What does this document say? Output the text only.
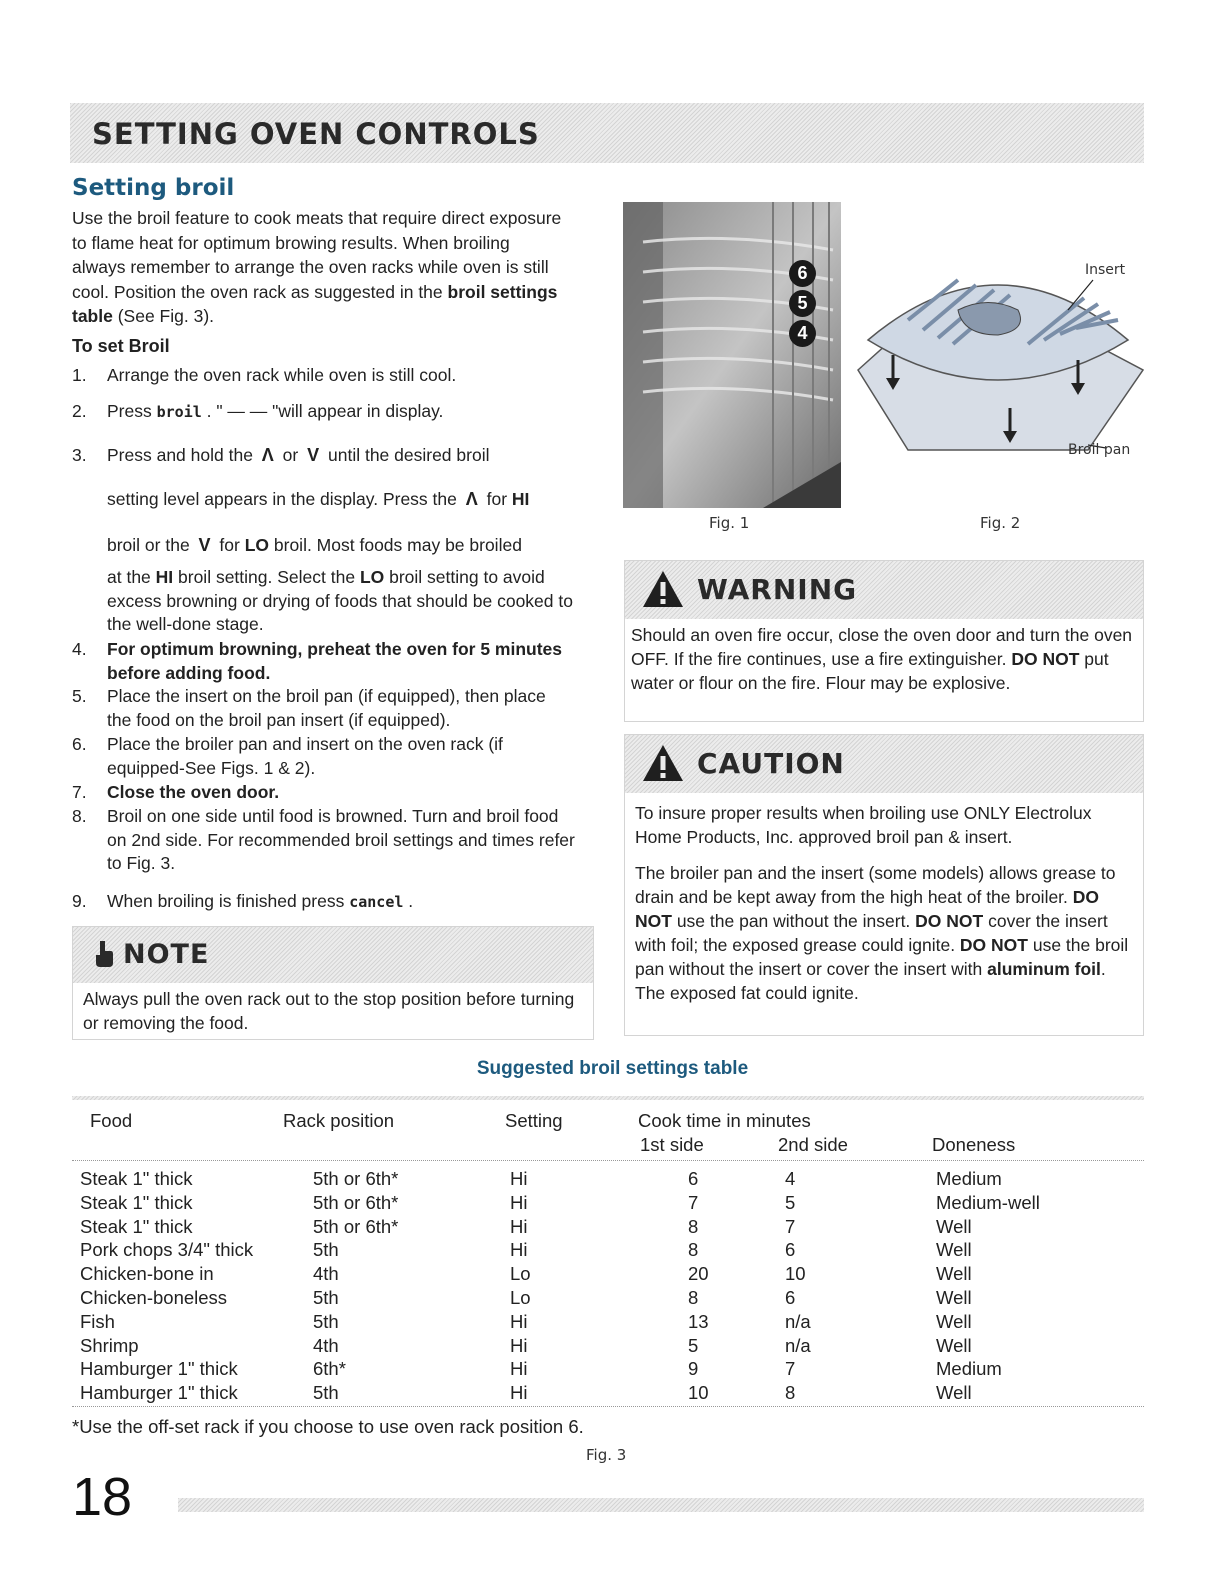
SETTING OVEN CONTROLS
Setting broil
Use the broil feature to cook meats that require direct exposure to flame heat for optimum browing results. When broiling always remember to arrange the oven racks while oven is still cool. Position the oven rack as suggested in the broil settings table (See Fig. 3).
To set Broil
1. Arrange the oven rack while oven is still cool.
2. Press broil . " — — "will appear in display.
3. Press and hold the Λ or V until the desired broil
setting level appears in the display. Press the Λ for HI
broil or the V for LO broil. Most foods may be broiled
at the HI broil setting. Select the LO broil setting to avoid excess browning or drying of foods that should be cooked to the well-done stage.
4. For optimum browning, preheat the oven for 5 minutes before adding food.
5. Place the insert on the broil pan (if equipped), then place the food on the broil pan insert (if equipped).
6. Place the broiler pan and insert on the oven rack (if equipped-See Figs. 1 & 2).
7. Close the oven door.
8. Broil on one side until food is browned. Turn and broil food on 2nd side. For recommended broil settings and times refer to Fig. 3.
9. When broiling is finished press cancel .
NOTE
Always pull the oven rack out to the stop position before turning or removing the food.
6
5
4
Fig. 1
Insert
Broil pan
Fig. 2
WARNING
Should an oven fire occur, close the oven door and turn the oven OFF. If the fire continues, use a fire extinguisher. DO NOT put water or flour on the fire. Flour may be explosive.
CAUTION
To insure proper results when broiling use ONLY Electrolux Home Products, Inc. approved broil pan & insert.
The broiler pan and the insert (some models) allows grease to drain and be kept away from the high heat of the broiler. DO NOT use the pan without the insert. DO NOT cover the insert with foil; the exposed grease could ignite. DO NOT use the broil pan without the insert or cover the insert with aluminum foil. The exposed fat could ignite.
Suggested broil settings table
Food	Rack position	Setting	Cook time in minutes
1st side	2nd side	Doneness
Steak 1" thick	5th or 6th*	Hi	6	4	Medium
Steak 1" thick	5th or 6th*	Hi	7	5	Medium-well
Steak 1" thick	5th or 6th*	Hi	8	7	Well
Pork chops 3/4" thick	5th	Hi	8	6	Well
Chicken-bone in	4th	Lo	20	10	Well
Chicken-boneless	5th	Lo	8	6	Well
Fish	5th	Hi	13	n/a	Well
Shrimp	4th	Hi	5	n/a	Well
Hamburger 1" thick	6th*	Hi	9	7	Medium
Hamburger 1" thick	5th	Hi	10	8	Well
*Use the off-set rack if you choose to use oven rack position 6.
Fig. 3
18
